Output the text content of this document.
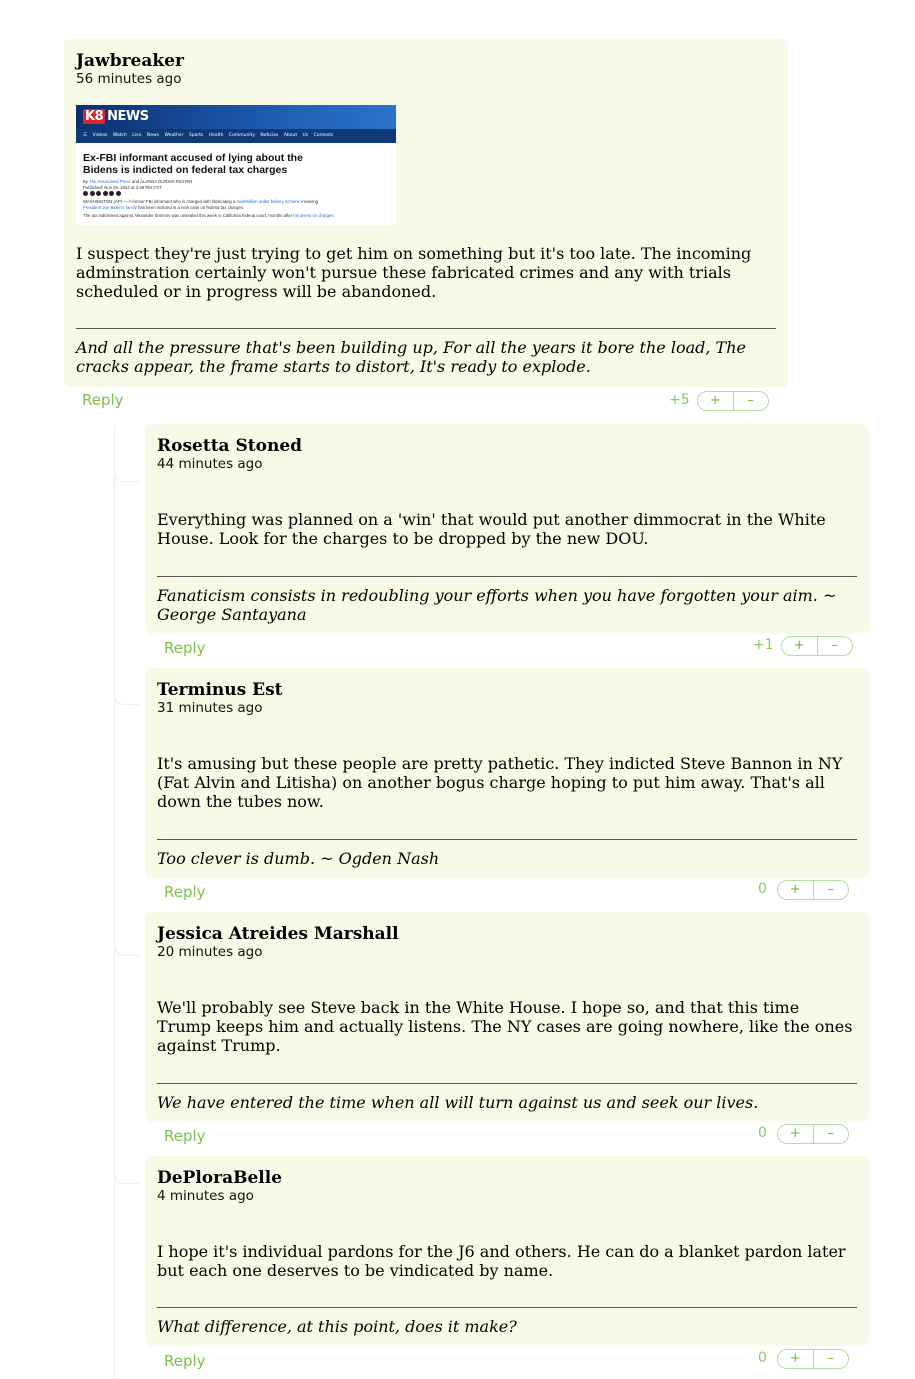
Jawbreaker
56 minutes ago
K8 NEWS
☰ Videos Watch Live News Weather Sports Health Community Noticias About Us Contests
Ex-FBI informant accused of lying about the
Bidens is indicted on federal tax charges
By The Associated Press and ALANNA DURKIN RICHER
Published: Nov 26, 2024 at 3:38 PM CST
WASHINGTON (AP) — A former FBI informant who is charged with fabricating a multimillion dollar bribery scheme involving
President Joe Biden's family has been indicted in a new case on federal tax charges.
The tax indictment against Alexander Smirnov was unsealed this week in California federal court, months after his arrest on charges

I suspect they're just trying to get him on something but it's too late. The incoming adminstration certainly won't pursue these fabricated crimes and any with trials scheduled or in progress will be abandoned.

And all the pressure that's been building up, For all the years it bore the load, The cracks appear, the frame starts to distort, It's ready to explode.

Reply	+5	+	–
Rosetta Stoned
44 minutes ago

Everything was planned on a 'win' that would put another dimmocrat in the White House. Look for the charges to be dropped by the new DOU.

Fanaticism consists in redoubling your efforts when you have forgotten your aim. ~ George Santayana

Reply	+1	+	–
Terminus Est
31 minutes ago

It's amusing but these people are pretty pathetic. They indicted Steve Bannon in NY (Fat Alvin and Litisha) on another bogus charge hoping to put him away. That's all down the tubes now.

Too clever is dumb. ~ Ogden Nash

Reply	0	+	–
Jessica Atreides Marshall
20 minutes ago

We'll probably see Steve back in the White House. I hope so, and that this time Trump keeps him and actually listens. The NY cases are going nowhere, like the ones against Trump.

We have entered the time when all will turn against us and seek our lives.

Reply	0	+	–
DePloraBelle
4 minutes ago

I hope it's individual pardons for the J6 and others. He can do a blanket pardon later but each one deserves to be vindicated by name.

What difference, at this point, does it make?

Reply	0	+	–
